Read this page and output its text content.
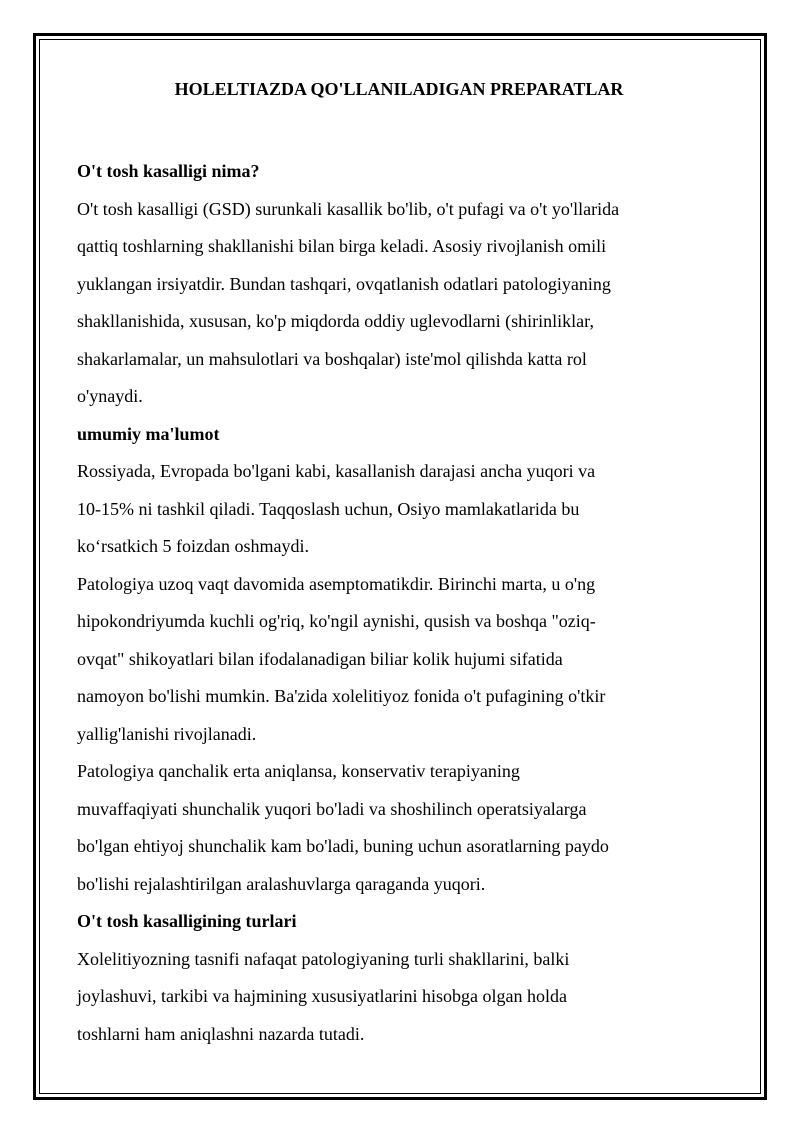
HOLELTIAZDA QO'LLANILADIGAN PREPARATLAR
O't tosh kasalligi nima?
O't tosh kasalligi (GSD) surunkali kasallik bo'lib, o't pufagi va o't yo'llarida
qattiq toshlarning shakllanishi bilan birga keladi. Asosiy rivojlanish omili
yuklangan irsiyatdir. Bundan tashqari, ovqatlanish odatlari patologiyaning
shakllanishida, xususan, ko'p miqdorda oddiy uglevodlarni (shirinliklar,
shakarlamalar, un mahsulotlari va boshqalar) iste'mol qilishda katta rol
o'ynaydi.
umumiy ma'lumot
Rossiyada, Evropada bo'lgani kabi, kasallanish darajasi ancha yuqori va
10-15% ni tashkil qiladi. Taqqoslash uchun, Osiyo mamlakatlarida bu
ko‘rsatkich 5 foizdan oshmaydi.
Patologiya uzoq vaqt davomida asemptomatikdir. Birinchi marta, u o'ng
hipokondriyumda kuchli og'riq, ko'ngil aynishi, qusish va boshqa "oziq-
ovqat" shikoyatlari bilan ifodalanadigan biliar kolik hujumi sifatida
namoyon bo'lishi mumkin. Ba'zida xolelitiyoz fonida o't pufagining o'tkir
yallig'lanishi rivojlanadi.
Patologiya qanchalik erta aniqlansa, konservativ terapiyaning
muvaffaqiyati shunchalik yuqori bo'ladi va shoshilinch operatsiyalarga
bo'lgan ehtiyoj shunchalik kam bo'ladi, buning uchun asoratlarning paydo
bo'lishi rejalashtirilgan aralashuvlarga qaraganda yuqori.
O't tosh kasalligining turlari
Xolelitiyozning tasnifi nafaqat patologiyaning turli shakllarini, balki
joylashuvi, tarkibi va hajmining xususiyatlarini hisobga olgan holda
toshlarni ham aniqlashni nazarda tutadi.
